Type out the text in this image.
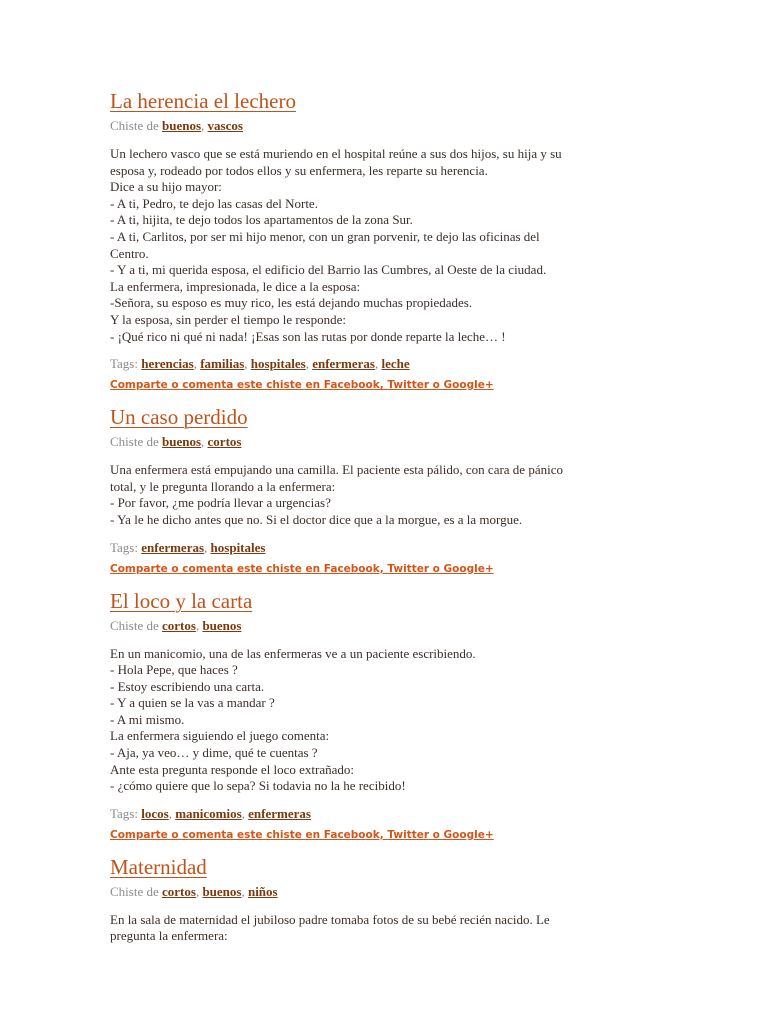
La herencia el lechero
Chiste de buenos, vascos
Un lechero vasco que se está muriendo en el hospital reúne a sus dos hijos, su hija y su
esposa y, rodeado por todos ellos y su enfermera, les reparte su herencia.
Dice a su hijo mayor:
- A ti, Pedro, te dejo las casas del Norte.
- A ti, hijita, te dejo todos los apartamentos de la zona Sur.
- A ti, Carlitos, por ser mi hijo menor, con un gran porvenir, te dejo las oficinas del
Centro.
- Y a ti, mi querida esposa, el edificio del Barrio las Cumbres, al Oeste de la ciudad.
La enfermera, impresionada, le dice a la esposa:
-Señora, su esposo es muy rico, les está dejando muchas propiedades.
Y la esposa, sin perder el tiempo le responde:
- ¡Qué rico ni qué ni nada! ¡Esas son las rutas por donde reparte la leche… !
Tags: herencias, familias, hospitales, enfermeras, leche
Comparte o comenta este chiste en Facebook, Twitter o Google+
Un caso perdido
Chiste de buenos, cortos
Una enfermera está empujando una camilla. El paciente esta pálido, con cara de pánico
total, y le pregunta llorando a la enfermera:
- Por favor, ¿me podría llevar a urgencias?
- Ya le he dicho antes que no. Si el doctor dice que a la morgue, es a la morgue.
Tags: enfermeras, hospitales
Comparte o comenta este chiste en Facebook, Twitter o Google+
El loco y la carta
Chiste de cortos, buenos
En un manicomio, una de las enfermeras ve a un paciente escribiendo.
- Hola Pepe, que haces ?
- Estoy escribiendo una carta.
- Y a quien se la vas a mandar ?
- A mi mismo.
La enfermera siguiendo el juego comenta:
- Aja, ya veo… y dime, qué te cuentas ?
Ante esta pregunta responde el loco extrañado:
- ¿cómo quiere que lo sepa? Si todavia no la he recibido!
Tags: locos, manicomios, enfermeras
Comparte o comenta este chiste en Facebook, Twitter o Google+
Maternidad
Chiste de cortos, buenos, niños
En la sala de maternidad el jubiloso padre tomaba fotos de su bebé recién nacido. Le
pregunta la enfermera:
